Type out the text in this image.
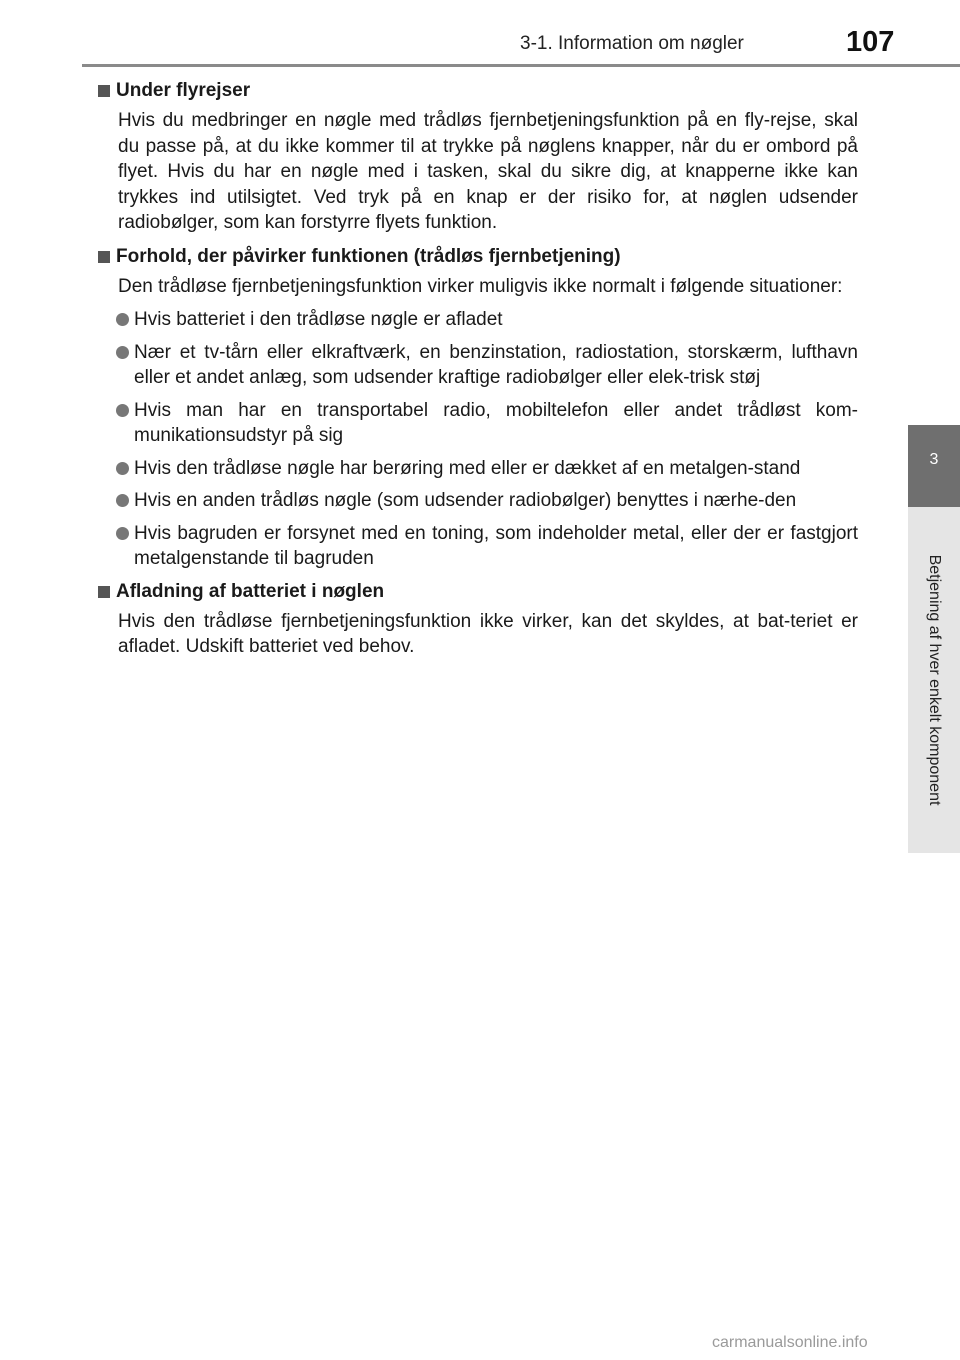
3-1. Information om nøgler	107
3
Betjening af hver enkelt komponent
Under flyrejser

Hvis du medbringer en nøgle med trådløs fjernbetjeningsfunktion på en fly-rejse, skal du passe på, at du ikke kommer til at trykke på nøglens knapper, når du er ombord på flyet. Hvis du har en nøgle med i tasken, skal du sikre dig, at knapperne ikke kan trykkes ind utilsigtet. Ved tryk på en knap er der risiko for, at nøglen udsender radiobølger, som kan forstyrre flyets funktion.

Forhold, der påvirker funktionen (trådløs fjernbetjening)

Den trådløse fjernbetjeningsfunktion virker muligvis ikke normalt i følgende situationer:

Hvis batteriet i den trådløse nøgle er afladet
Nær et tv-tårn eller elkraftværk, en benzinstation, radiostation, storskærm, lufthavn eller et andet anlæg, som udsender kraftige radiobølger eller elek-trisk støj
Hvis man har en transportabel radio, mobiltelefon eller andet trådløst kom-munikationsudstyr på sig
Hvis den trådløse nøgle har berøring med eller er dækket af en metalgen-stand
Hvis en anden trådløs nøgle (som udsender radiobølger) benyttes i nærhe-den
Hvis bagruden er forsynet med en toning, som indeholder metal, eller der er fastgjort metalgenstande til bagruden
Afladning af batteriet i nøglen

Hvis den trådløse fjernbetjeningsfunktion ikke virker, kan det skyldes, at bat-teriet er afladet. Udskift batteriet ved behov.

carmanualsonline.info
